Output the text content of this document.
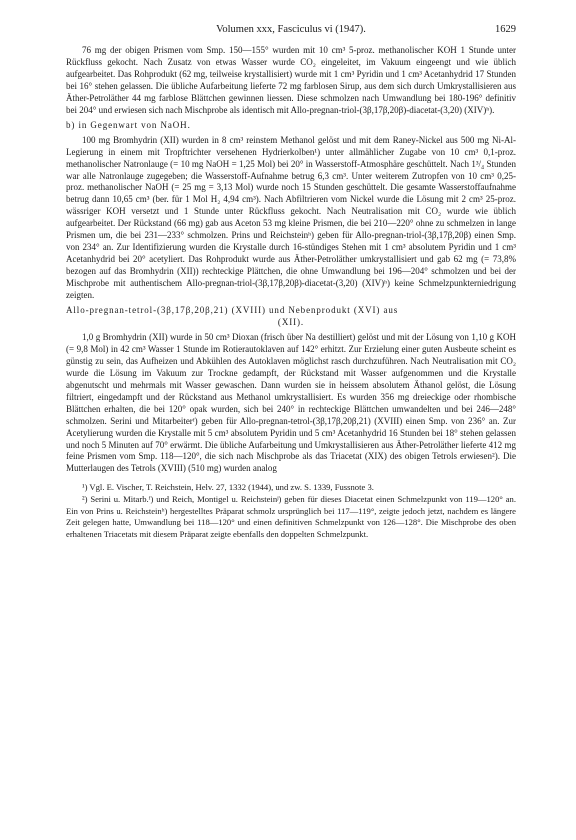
Volumen xxx, Fasciculus vi (1947).	1629

76 mg der obigen Prismen vom Smp. 150—155° wurden mit 10 cm³ 5-proz. methanolischer KOH 1 Stunde unter Rückfluss gekocht. Nach Zusatz von etwas Wasser wurde CO₂ eingeleitet, im Vakuum eingeengt und wie üblich aufgearbeitet. Das Rohprodukt (62 mg, teilweise krystallisiert) wurde mit 1 cm³ Pyridin und 1 cm³ Acetanhydrid 17 Stunden bei 16° stehen gelassen. Die übliche Aufarbeitung lieferte 72 mg farblosen Sirup, aus dem sich durch Umkrystallisieren aus Äther-Petroläther 44 mg farblose Blättchen gewinnen liessen. Diese schmolzen nach Umwandlung bei 180-196° definitiv bei 204° und erwiesen sich nach Mischprobe als identisch mit Allo-pregnan-triol-(3β,17β,20β)-diacetat-(3,20) (XIV)ʰ).

b) in Gegenwart von NaOH.

100 mg Bromhydrin (XII) wurden in 8 cm³ reinstem Methanol gelöst und mit dem Raney-Nickel aus 500 mg Ni-Al-Legierung in einem mit Tropftrichter versehenen Hydrierkolben¹) unter allmählicher Zugabe von 10 cm³ 0,1-proz. methanolischer Natronlauge (= 10 mg NaOH = 1,25 Mol) bei 20° in Wasserstoff-Atmosphäre geschüttelt. Nach 1³/₄ Stunden war alle Natronlauge zugegeben; die Wasserstoff-Aufnahme betrug 6,3 cm³. Unter weiterem Zutropfen von 10 cm³ 0,25-proz. methanolischer NaOH (= 25 mg = 3,13 Mol) wurde noch 15 Stunden geschüttelt. Die gesamte Wasserstoffaufnahme betrug dann 10,65 cm³ (ber. für 1 Mol H₂ 4,94 cm³). Nach Abfiltrieren vom Nickel wurde die Lösung mit 2 cm³ 25-proz. wässriger KOH versetzt und 1 Stunde unter Rückfluss gekocht. Nach Neutralisation mit CO₂ wurde wie üblich aufgearbeitet. Der Rückstand (66 mg) gab aus Aceton 53 mg kleine Prismen, die bei 210—220° ohne zu schmelzen in lange Prismen um, die bei 231—233° schmolzen. Prins und Reichsteinʰ) geben für Allo-pregnan-triol-(3β,17β,20β) einen Smp. von 234° an. Zur Identifizierung wurden die Krystalle durch 16-stündiges Stehen mit 1 cm³ absolutem Pyridin und 1 cm³ Acetanhydrid bei 20° acetyliert. Das Rohprodukt wurde aus Äther-Petroläther umkrystallisiert und gab 62 mg (= 73,8% bezogen auf das Bromhydrin (XII)) rechteckige Plättchen, die ohne Umwandlung bei 196—204° schmolzen und bei der Mischprobe mit authentischem Allo-pregnan-triol-(3β,17β,20β)-diacetat-(3,20) (XIV)ʰ) keine Schmelzpunkterniedrigung zeigten.

Allo-pregnan-tetrol-(3β,17β,20β,21) (XVIII) und Nebenprodukt (XVI) aus
(XII).

1,0 g Bromhydrin (XII) wurde in 50 cm³ Dioxan (frisch über Na destilliert) gelöst und mit der Lösung von 1,10 g KOH (= 9,8 Mol) in 42 cm³ Wasser 1 Stunde im Rotierautoklaven auf 142° erhitzt. Zur Erzielung einer guten Ausbeute scheint es günstig zu sein, das Aufheizen und Abkühlen des Autoklaven möglichst rasch durchzuführen. Nach Neutralisation mit CO₂ wurde die Lösung im Vakuum zur Trockne gedampft, der Rückstand mit Wasser aufgenommen und die Krystalle abgenutscht und mehrmals mit Wasser gewaschen. Dann wurden sie in heissem absolutem Äthanol gelöst, die Lösung filtriert, eingedampft und der Rückstand aus Methanol umkrystallisiert. Es wurden 356 mg dreieckige oder rhombische Blättchen erhalten, die bei 120° opak wurden, sich bei 240° in rechteckige Blättchen umwandelten und bei 246—248° schmolzen. Serini und Mitarbeiterᶠ) geben für Allo-pregnan-tetrol-(3β,17β,20β,21) (XVIII) einen Smp. von 236° an. Zur Acetylierung wurden die Krystalle mit 5 cm³ absolutem Pyridin und 5 cm³ Acetanhydrid 16 Stunden bei 18° stehen gelassen und noch 5 Minuten auf 70° erwärmt. Die übliche Aufarbeitung und Umkrystallisieren aus Äther-Petroläther lieferte 412 mg feine Prismen vom Smp. 118—120°, die sich nach Mischprobe als das Triacetat (XIX) des obigen Tetrols erwiesen²). Die Mutterlaugen des Tetrols (XVIII) (510 mg) wurden analog

¹) Vgl. E. Vischer, T. Reichstein, Helv. 27, 1332 (1944), und zw. S. 1339, Fussnote 3.

²) Serini u. Mitarb.ᶠ) und Reich, Montigel u. Reichsteinʲ) geben für dieses Diacetat einen Schmelzpunkt von 119—120° an. Ein von Prins u. Reichsteinʰ) hergestelltes Präparat schmolz ursprünglich bei 117—119°, zeigte jedoch jetzt, nachdem es längere Zeit gelegen hatte, Umwandlung bei 118—120° und einen definitiven Schmelzpunkt von 126—128°. Die Mischprobe des oben erhaltenen Triacetats mit diesem Präparat zeigte ebenfalls den doppelten Schmelzpunkt.
